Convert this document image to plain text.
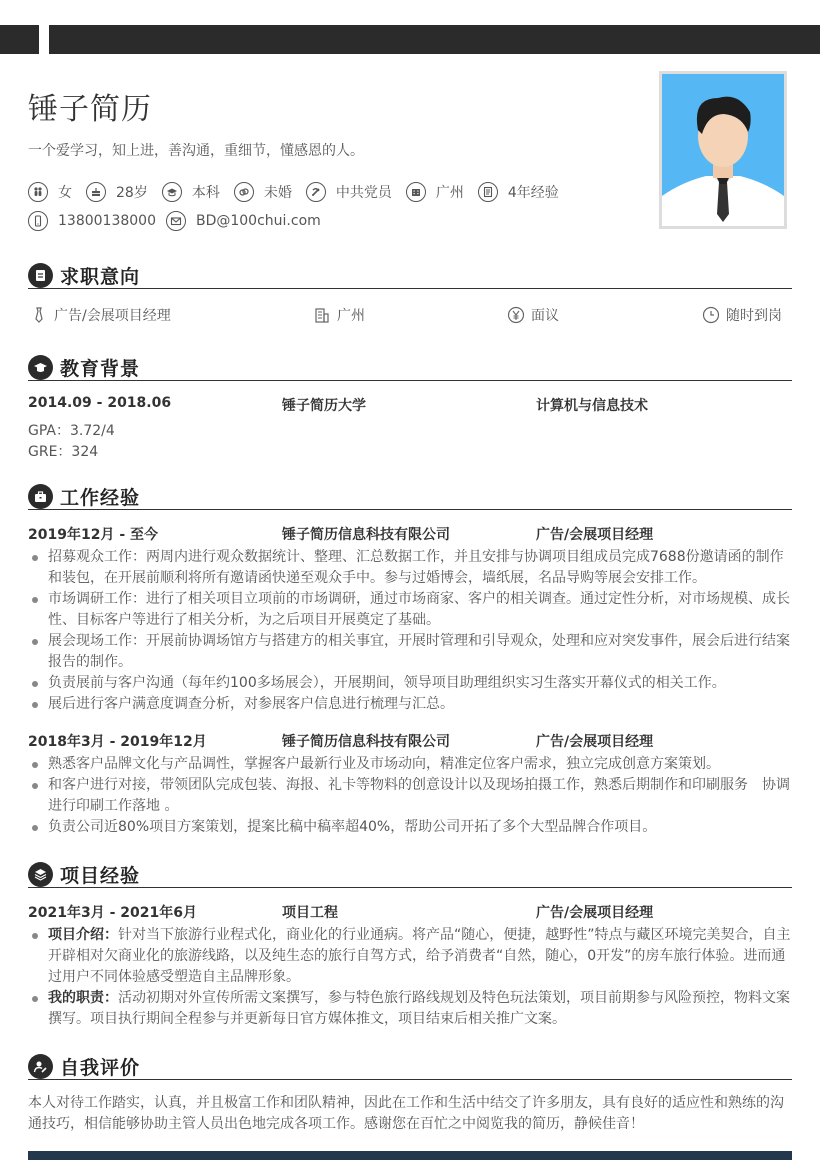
锤子简历
一个爱学习，知上进，善沟通，重细节，懂感恩的人。
女	28岁	本科	未婚	中共党员	广州	4年经验
13800138000	BD@100chui.com
求职意向
广告/会展项目经理	广州	面议	随时到岗
教育背景
2014.09 - 2018.06	锤子简历大学	计算机与信息技术
GPA：3.72/4
GRE：324
工作经验
2019年12月 - 至今	锤子简历信息科技有限公司	广告/会展项目经理
招募观众工作：两周内进行观众数据统计、整理、汇总数据工作，并且安排与协调项目组成员完成7688份邀请函的制作和装包，在开展前顺利将所有邀请函快递至观众手中。参与过婚博会，墙纸展，名品导购等展会安排工作。
市场调研工作：进行了相关项目立项前的市场调研，通过市场商家、客户的相关调查。通过定性分析，对市场规模、成长性、目标客户等进行了相关分析，为之后项目开展奠定了基础。
展会现场工作：开展前协调场馆方与搭建方的相关事宜，开展时管理和引导观众，处理和应对突发事件，展会后进行结案报告的制作。
负责展前与客户沟通（每年约100多场展会），开展期间，领导项目助理组织实习生落实开幕仪式的相关工作。
展后进行客户满意度调查分析，对参展客户信息进行梳理与汇总。
2018年3月 - 2019年12月	锤子简历信息科技有限公司	广告/会展项目经理
熟悉客户品牌文化与产品调性，掌握客户最新行业及市场动向，精准定位客户需求，独立完成创意方案策划。
和客户进行对接，带领团队完成包装、海报、礼卡等物料的创意设计以及现场拍摄工作，熟悉后期制作和印刷服务　协调进行印刷工作落地 。
负责公司近80%项目方案策划，提案比稿中稿率超40%，帮助公司开拓了多个大型品牌合作项目。
项目经验
2021年3月 - 2021年6月	项目工程	广告/会展项目经理
项目介绍：针对当下旅游行业程式化，商业化的行业通病。将产品“随心，便捷，越野性”特点与藏区环境完美契合，自主开辟相对欠商业化的旅游线路，以及纯生态的旅行自驾方式，给予消费者“自然，随心，0开发”的房车旅行体验。进而通过用户不同体验感受塑造自主品牌形象。
我的职责：活动初期对外宣传所需文案撰写，参与特色旅行路线规划及特色玩法策划，项目前期参与风险预控，物料文案撰写。项目执行期间全程参与并更新每日官方媒体推文，项目结束后相关推广文案。
自我评价
本人对待工作踏实，认真，并且极富工作和团队精神，因此在工作和生活中结交了许多朋友，具有良好的适应性和熟练的沟通技巧，相信能够协助主管人员出色地完成各项工作。感谢您在百忙之中阅览我的简历，静候佳音！
